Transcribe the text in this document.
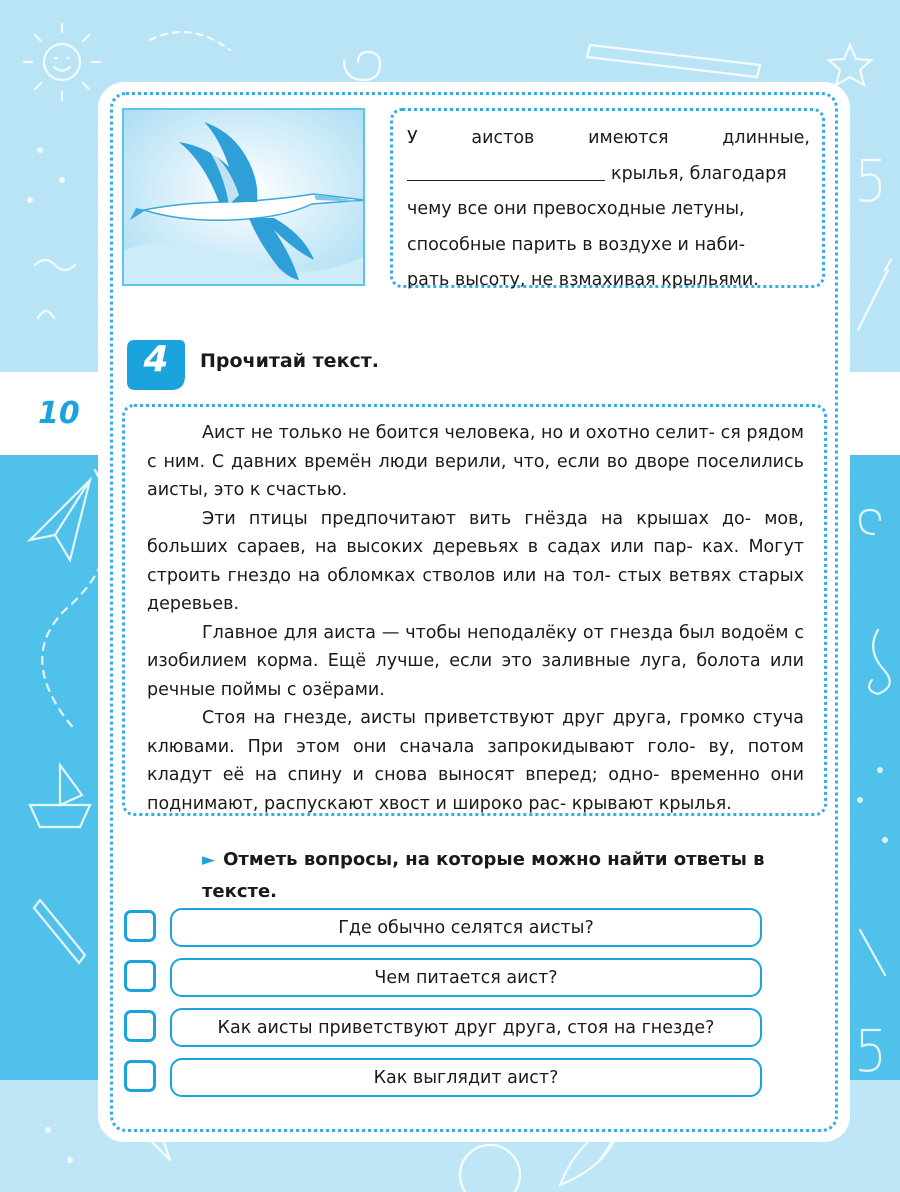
10

У аистов имеются длинные,
крылья, благодаря
чему все они превосходные летуны,
способные парить в воздухе и наби-
рать высоту, не взмахивая крыльями.

4	Прочитай текст.

Аист не только не боится человека, но и охотно селит- ся рядом с ним. С давних времён люди верили, что, если во дворе поселились аисты, это к счастью.

Эти птицы предпочитают вить гнёзда на крышах до- мов, больших сараев, на высоких деревьях в садах или пар- ках. Могут строить гнездо на обломках стволов или на тол- стых ветвях старых деревьев.

Главное для аиста — чтобы неподалёку от гнезда был водоём с изобилием корма. Ещё лучше, если это заливные луга, болота или речные поймы с озёрами.

Стоя на гнезде, аисты приветствуют друг друга, громко стуча клювами. При этом они сначала запрокидывают голо- ву, потом кладут её на спину и снова выносят вперед; одно- временно они поднимают, распускают хвост и широко рас- крывают крылья.

► Отметь вопросы, на которые можно найти ответы в тексте.
Где обычно селятся аисты?
Чем питается аист?
Как аисты приветствуют друг друга, стоя на гнезде?
Как выглядит аист?
